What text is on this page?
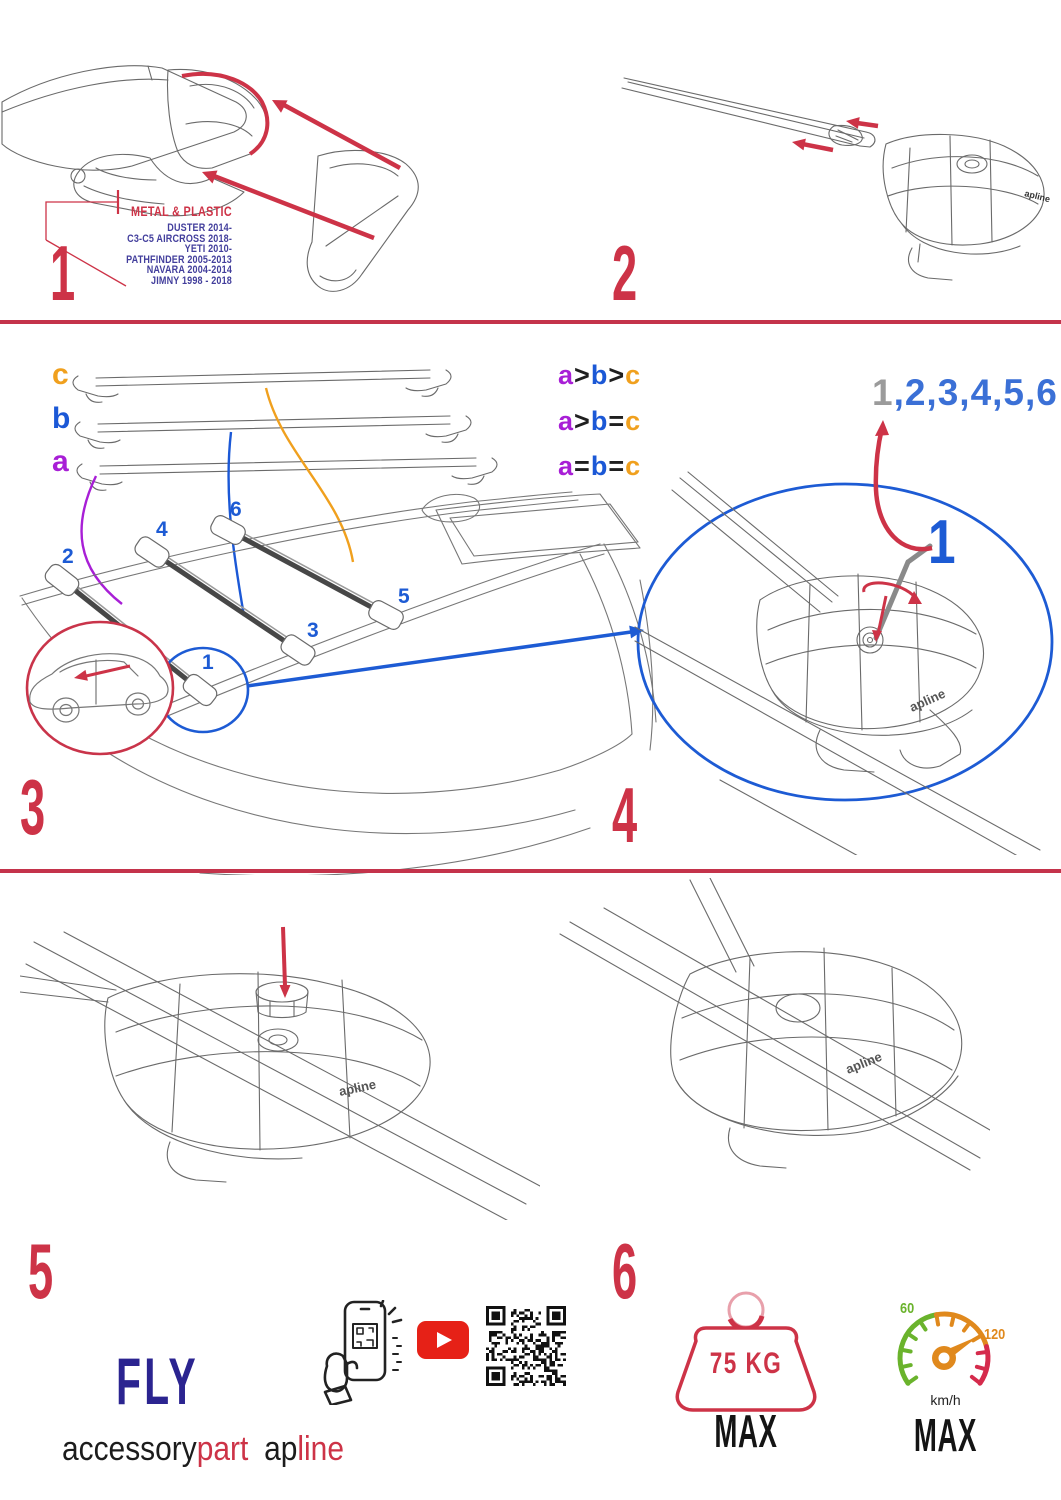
METAL & PLASTIC
DUSTER 2014-
C3-C5 AIRCROSS 2018-
YETI 2010-
PATHFINDER 2005-2013
NAVARA 2004-2014
JIMNY 1998 - 2018
1
apline
2
c
b
a
a>b>c
a>b=c
a=b=c
2
4
6
1
3
5
3
apline
1,2,3,4,5,6
1
4
apline
apline
5	6
FLY
accessorypart apline
75 KG
MAX
60
120
km/h
MAX
